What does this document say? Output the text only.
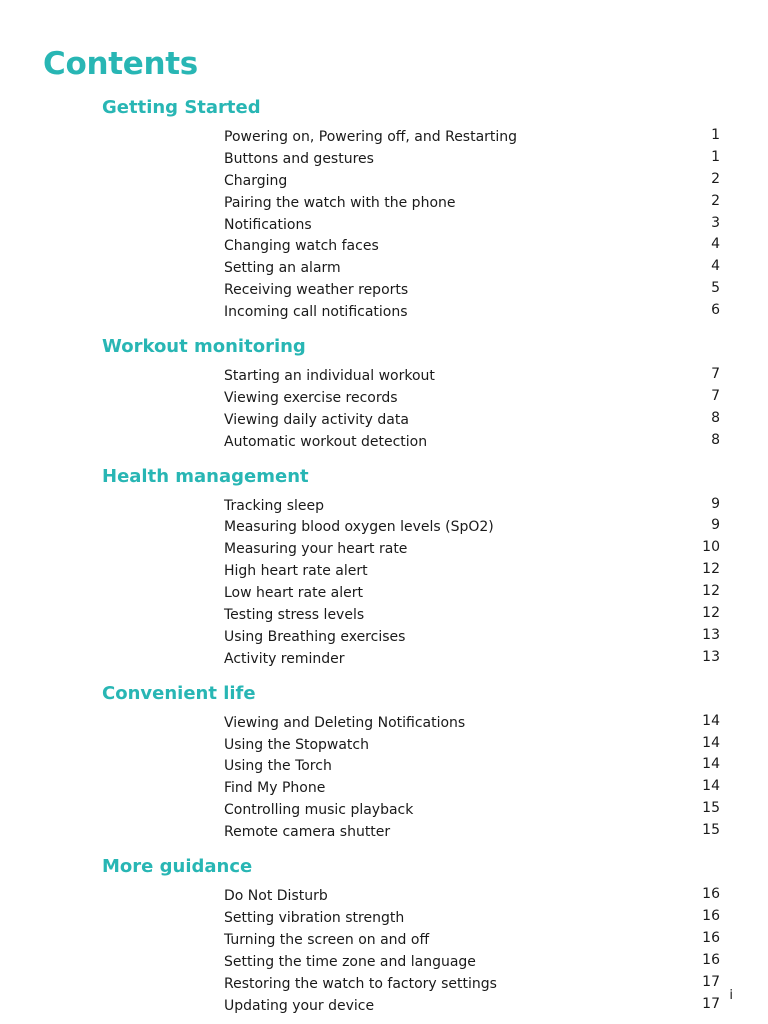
Contents
Getting Started
Powering on, Powering off, and Restarting	1
Buttons and gestures	1
Charging	2
Pairing the watch with the phone	2
Notifications	3
Changing watch faces	4
Setting an alarm	4
Receiving weather reports	5
Incoming call notifications	6
Workout monitoring
Starting an individual workout	7
Viewing exercise records	7
Viewing daily activity data	8
Automatic workout detection	8
Health management
Tracking sleep	9
Measuring blood oxygen levels (SpO2)	9
Measuring your heart rate	10
High heart rate alert	12
Low heart rate alert	12
Testing stress levels	12
Using Breathing exercises	13
Activity reminder	13
Convenient life
Viewing and Deleting Notifications	14
Using the Stopwatch	14
Using the Torch	14
Find My Phone	14
Controlling music playback	15
Remote camera shutter	15
More guidance
Do Not Disturb	16
Setting vibration strength	16
Turning the screen on and off	16
Setting the time zone and language	16
Restoring the watch to factory settings	17
Updating your device	17 i
